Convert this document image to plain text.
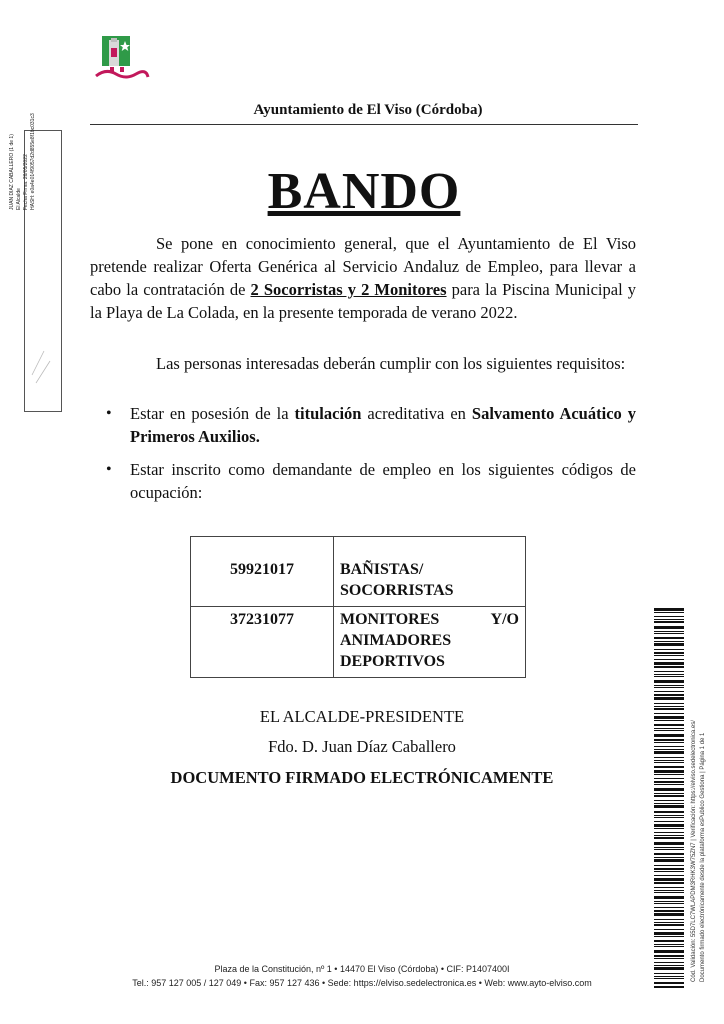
Ayuntamiento de El Viso (Córdoba)
JUAN DIAZ CABALLERO (1 de 1) El Alcalde Fecha Firma: 26/05/2022 HASH: e0a4e014f9057d2d855e8f1bc031c3	BANDO
Se pone en conocimiento general, que el Ayuntamiento de El Viso pretende realizar Oferta Genérica al Servicio Andaluz de Empleo, para llevar a cabo la contratación de 2 Socorristas y 2 Monitores para la Piscina Municipal y la Playa de La Colada, en la presente temporada de verano 2022.
Las personas interesadas deberán cumplir con los siguientes requisitos:
• Estar en posesión de la titulación acreditativa en Salvamento Acuático y Primeros Auxilios.
• Estar inscrito como demandante de empleo en los siguientes códigos de ocupación:
59921017	BAÑISTAS/
SOCORRISTAS

37231077	MONITORES Y/O
ANIMADORES
DEPORTIVOS
EL ALCALDE-PRESIDENTE
Fdo. D. Juan Díaz Caballero
DOCUMENTO FIRMADO ELECTRÓNICAMENTE	Cód. Validación: 55D7LC7WLAPDM3RHK3W75ZN7 | Verificación: https://elviso.sedelectronica.es/ Documento firmado electrónicamente desde la plataforma esPublico Gestiona | Página 1 de 1
Plaza de la Constitución, nº 1 • 14470 El Viso (Córdoba) • CIF: P1407400I
Tel.: 957 127 005 / 127 049 • Fax: 957 127 436 • Sede: https://elviso.sedelectronica.es • Web: www.ayto-elviso.com
